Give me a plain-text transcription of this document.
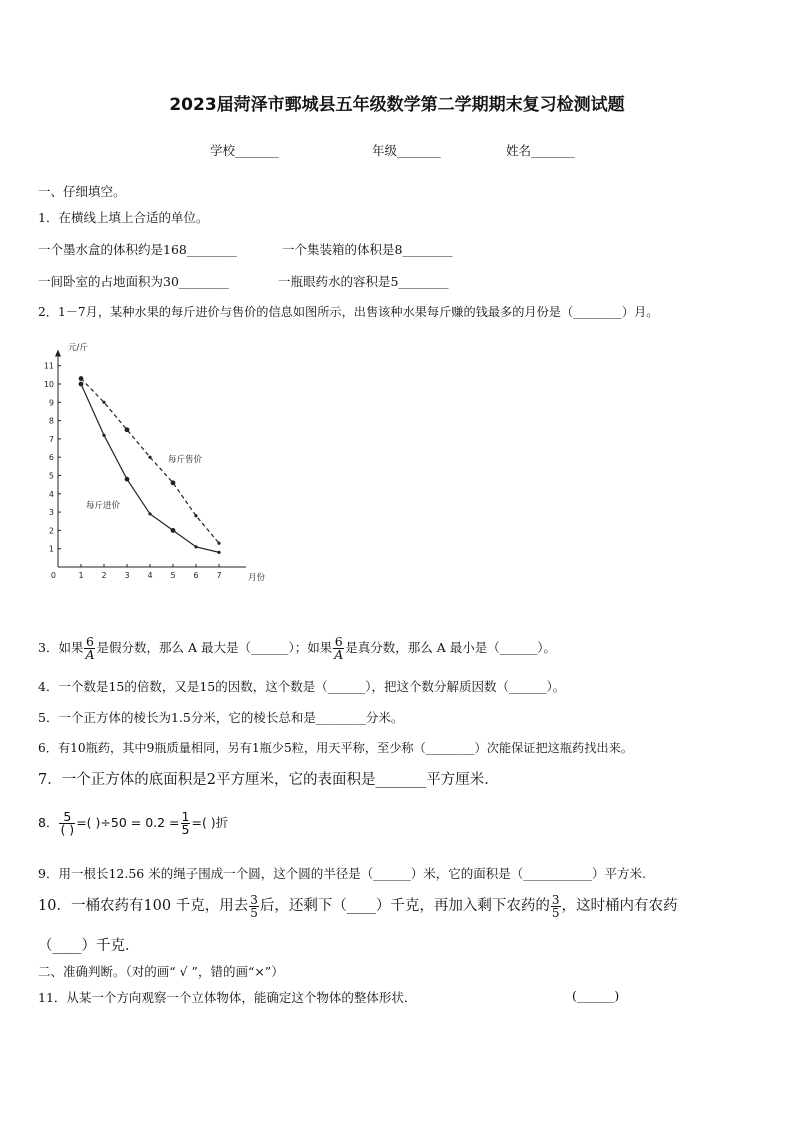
2023届菏泽市鄄城县五年级数学第二学期期末复习检测试题
学校_______	年级_______	姓名_______
一、仔细填空。
1．在横线上填上合适的单位。
一个墨水盒的体积约是168________	一个集装箱的体积是8________
一间卧室的占地面积为30________	一瓶眼药水的容积是5________
2．1－7月，某种水果的每斤进价与售价的信息如图所示，出售该种水果每斤赚的钱最多的月份是（________）月。
1 2 3 4 5 6 7
1
2
3
4
5
6
7
8
9
10
11
0
元/斤
月份
每斤售价
每斤进价
3．如果 $\frac{6}{A}$ 是假分数，那么 A 最大是（______）；如果 $\frac{6}{A}$ 是真分数，那么 A 最小是（______）。
4．一个数是15的倍数，又是15的因数，这个数是（______），把这个数分解质因数（______）。
5．一个正方体的棱长为1.5分米，它的棱长总和是________分米。
6．有10瓶药，其中9瓶质量相同，另有1瓶少5粒，用天平称，至少称（________）次能保证把这瓶药找出来。
7．一个正方体的底面积是2平方厘米，它的表面积是_______平方厘米．
8． $\frac{5}{( )}$ =( )$\div 50 = 0.2 = \frac{1}{5}$ =( )折
9．用一根长12.56 米的绳子围成一个圆，这个圆的半径是（______）米，它的面积是（___________）平方米.
10．一桶农药有100 千克，用去 $\frac{3}{5}$ 后，还剩下（____）千克，再加入剩下农药的 $\frac{3}{5}$ ，这时桶内有农药
（____）千克．
二、准确判断。（对的画“ √ ”，错的画“×”）
11．从某一个方向观察一个立体物体，能确定这个物体的整体形状．	(______)
